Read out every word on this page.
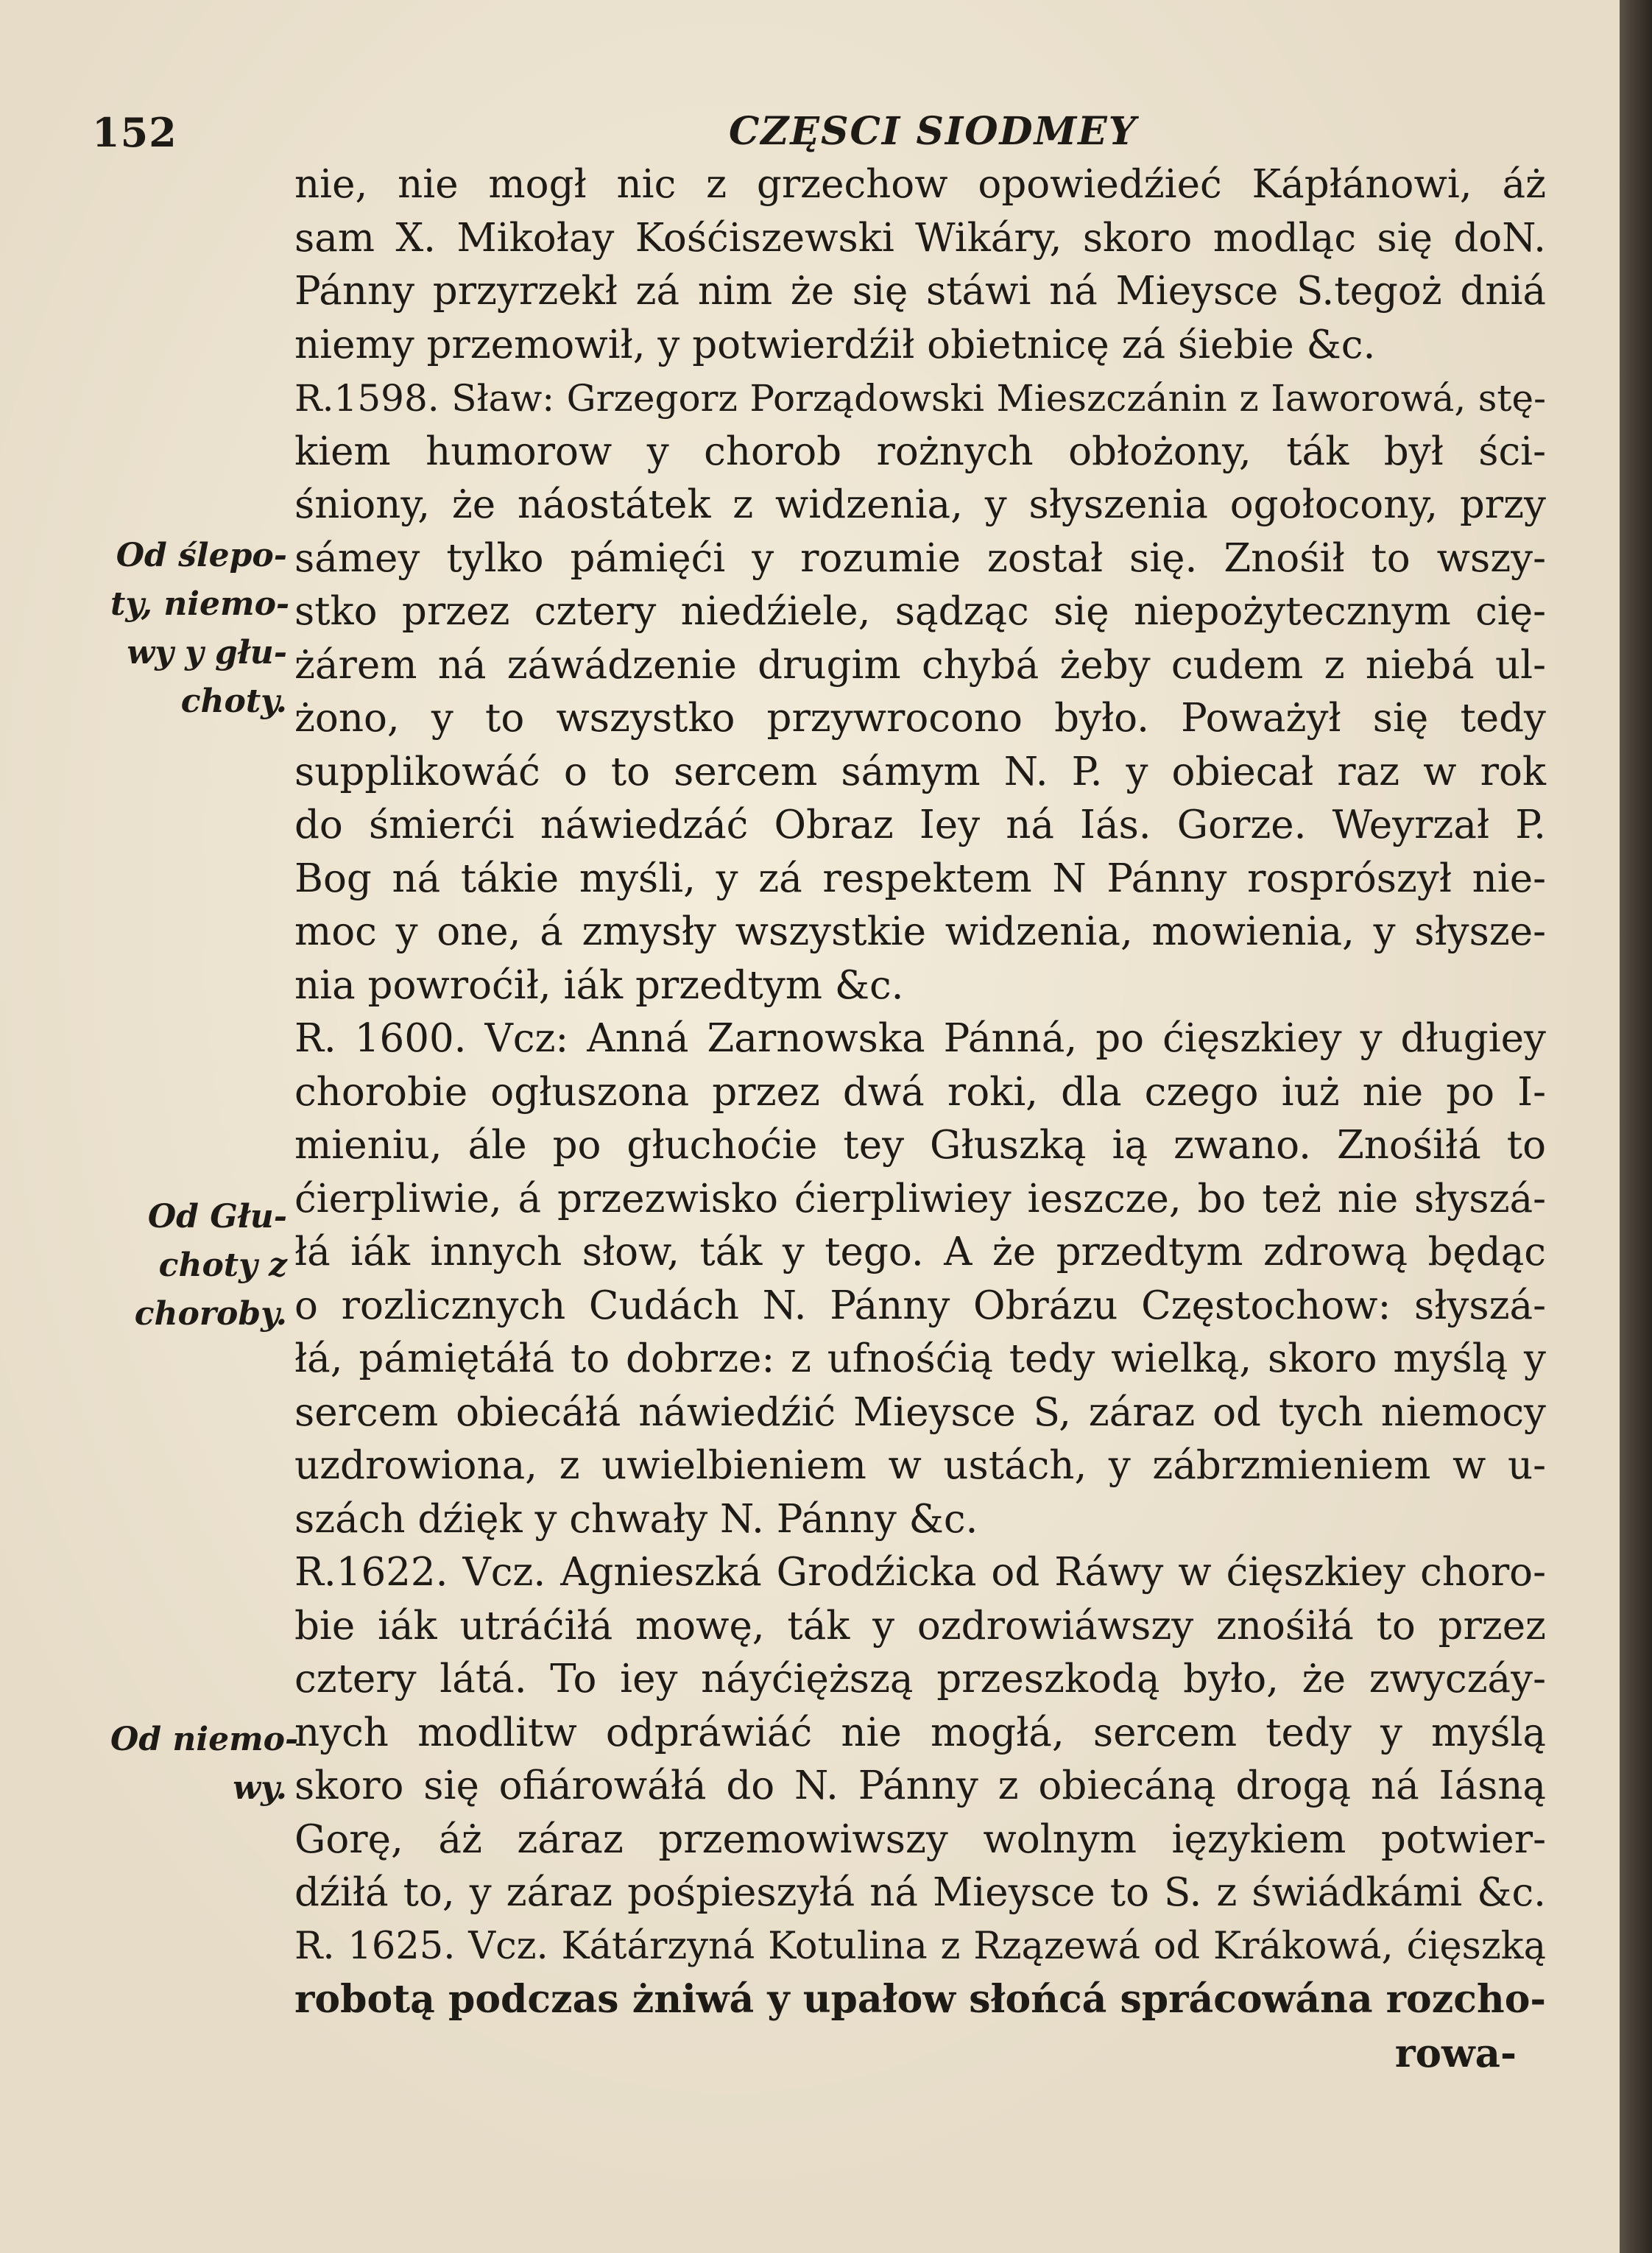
152	CZĘSCI SIODMEY
nie, nie mogł nic z grzechow opowiedźieć Kápłánowi, áż
sam X. Mikołay Kośćiszewski Wikáry, skoro modląc się doN.
Pánny przyrzekł zá nim że się stáwi ná Mieysce S.tegoż dniá
niemy przemowił, y potwierdźił obietnicę zá śiebie &c.
R.1598. Sław: Grzegorz Porządowski Mieszczánin z Iaworowá, stę-
kiem humorow y chorob rożnych obłożony, ták był ści-
śniony, że náostátek z widzenia, y słyszenia ogołocony, przy
sámey tylko pámięći y rozumie został się. Znośił to wszy-
stko przez cztery niedźiele, sądząc się niepożytecznym cię-
żárem ná záwádzenie drugim chybá żeby cudem z niebá ul-
żono, y to wszystko przywrocono było. Poważył się tedy
supplikowáć o to sercem sámym N. P. y obiecał raz w rok
do śmierći náwiedzáć Obraz Iey ná Iás. Gorze. Weyrzał P.
Bog ná tákie myśli, y zá respektem N Pánny rosprószył nie-
moc y one, á zmysły wszystkie widzenia, mowienia, y słysze-
nia powroćił, iák przedtym &c.
R. 1600. Vcz: Anná Zarnowska Pánná, po ćięszkiey y długiey
chorobie ogłuszona przez dwá roki, dla czego iuż nie po I-
mieniu, ále po głuchoćie tey Głuszką ią zwano. Znośiłá to
ćierpliwie, á przezwisko ćierpliwiey ieszcze, bo też nie słyszá-
łá iák innych słow, ták y tego. A że przedtym zdrową będąc
o rozlicznych Cudách N. Pánny Obrázu Częstochow: słyszá-
łá, pámiętáłá to dobrze: z ufnośćią tedy wielką, skoro myślą y
sercem obiecáłá náwiedźić Mieysce S, záraz od tych niemocy
uzdrowiona, z uwielbieniem w ustách, y zábrzmieniem w u-
szách dźięk y chwały N. Pánny &c.
R.1622. Vcz. Agnieszká Grodźicka od Ráwy w ćięszkiey choro-
bie iák utráćiłá mowę, ták y ozdrowiáwszy znośiłá to przez
cztery látá. To iey náyćięższą przeszkodą było, że zwyczáy-
nych modlitw odpráwiáć nie mogłá, sercem tedy y myślą
skoro się ofiárowáłá do N. Pánny z obiecáną drogą ná Iásną
Gorę, áż záraz przemowiwszy wolnym ięzykiem potwier-
dźiłá to, y záraz pośpieszyłá ná Mieysce to S. z świádkámi &c.
R. 1625. Vcz. Kátárzyná Kotulina z Rzązewá od Krákowá, ćięszką
robotą podczas żniwá y upałow słońcá sprácowána rozcho-
rowa-
Od ślepo-
ty, niemo-
wy y głu-
choty.
Od Głu-
choty z
choroby.
Od niemo-
wy.
